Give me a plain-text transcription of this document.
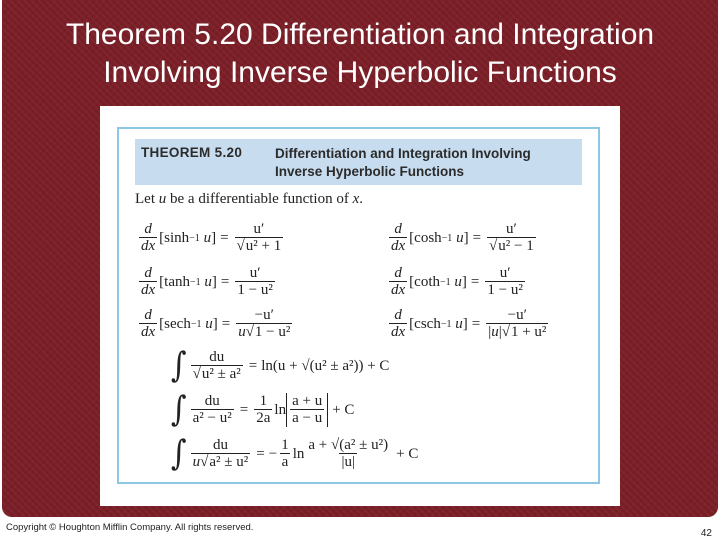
Theorem 5.20 Differentiation and Integration
Involving Inverse Hyperbolic Functions
THEOREM 5.20 Differentiation and Integration Involving
Inverse Hyperbolic Functions
Let u be a differentiable function of x.
$\frac{d}{dx} [\sinh -1$
u ] = $\frac{u'}{\text{√u² + 1}}$
$\frac{d}{dx} [\tanh -1$
u ] = $\frac{u'}{\text{1 − u²}}$
$\frac{d}{dx} [\sec h -1$
u ] = $\frac{-u'}{\text{u√1 − u²}}$
$\frac{d}{dx} [\cosh -1$
u ] = $\frac{u'}{\text{√u² − 1}}$
$\frac{d}{dx} [\cot h -1$
u ] = $\frac{u'}{\text{1 − u²}}$
$\frac{d}{dx} [\csc h -1$
u ] = $\frac{-u'}{\text{|u|√1 + u²}}$
∫ $\frac{du}{\text{√u² ± a²}} = \ln(u + √(u^2 \pm a^2)) + C$
∫ $\frac{du}{\text{a² − u²}} = \frac{1}{2a}$ $\ln \frac{a + u}{a - u} + C$
∫ $\frac{du}{\text{u√a² ± u²}}$ = − $\frac{1}{a}$ $\ln \frac{\text{a + √(a² ± u²)}}{|u|} + C$
Copyright © Houghton Mifflin Company. All rights reserved.
42
